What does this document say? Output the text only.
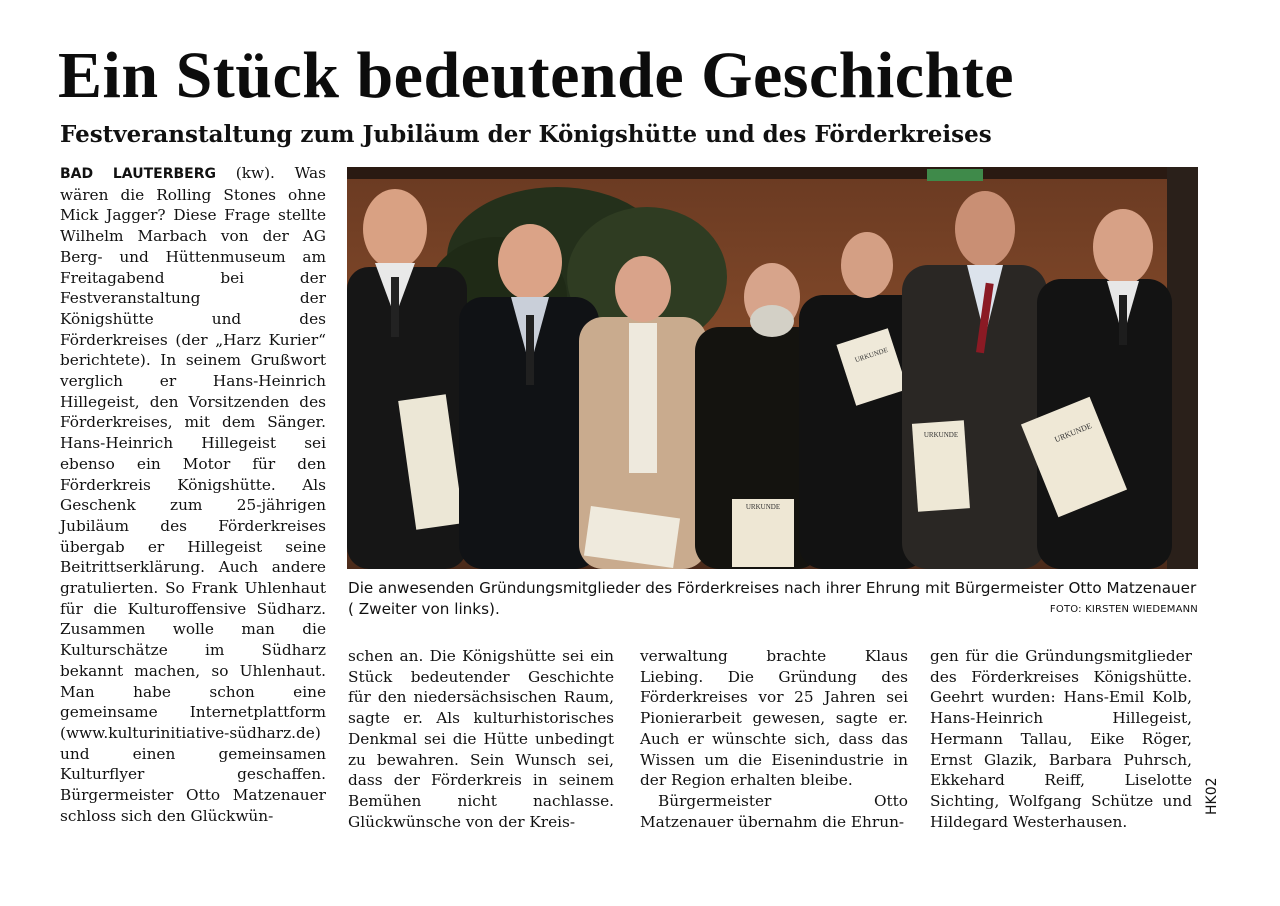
Ein Stück bedeutende Geschichte
Festveranstaltung zum Jubiläum der Königshütte und des Förderkreises

BAD LAUTERBERG (kw). Was wären die Rolling Stones ohne Mick Jagger? Diese Frage stellte Wilhelm Marbach von der AG Berg- und Hüttenmuseum am Freitagabend bei der Festveranstaltung der Königshütte und des Förderkreises (der „Harz Kurier“ berichtete). In seinem Grußwort verglich er Hans-Heinrich Hillegeist, den Vorsitzenden des Förderkreises, mit dem Sänger. Hans-Heinrich Hillegeist sei ebenso ein Motor für den Förderkreis Königshütte. Als Geschenk zum 25-jährigen Jubiläum des Förderkreises übergab er Hillegeist seine Beitrittserklärung. Auch andere gratulierten. So Frank Uhlenhaut für die Kulturoffensive Südharz. Zusammen wolle man die Kulturschätze im Südharz bekannt machen, so Uhlenhaut. Man habe schon eine gemeinsame Internetplattform (www.kulturinitiative-südharz.de) und einen gemeinsamen Kulturflyer geschaffen. Bürgermeister Otto Matzenauer schloss sich den Glückwün-

URKUNDE
URKUNDE
URKUNDE	URKUNDE
Die anwesenden Gründungsmitglieder des Förderkreises nach ihrer Ehrung mit Bürgermeister Otto Matzenauer ( Zweiter von links).	FOTO: KIRSTEN WIEDEMANN

schen an. Die Königshütte sei ein Stück bedeutender Geschichte für den niedersächsischen Raum, sagte er. Als kulturhistorisches Denkmal sei die Hütte unbedingt zu bewahren. Sein Wunsch sei, dass der Förderkreis in seinem Bemühen nicht nachlasse. Glückwünsche von der Kreis-

verwaltung brachte Klaus Liebing. Die Gründung des Förderkreises vor 25 Jahren sei Pionierarbeit gewesen, sagte er. Auch er wünschte sich, dass das Wissen um die Eisenindustrie in der Region erhalten bleibe.

Bürgermeister Otto Matzenauer übernahm die Ehrun-

gen für die Gründungsmitglieder des Förderkreises Königshütte. Geehrt wurden: Hans-Emil Kolb, Hans-Heinrich Hillegeist, Hermann Tallau, Eike Röger, Ernst Glazik, Barbara Puhrsch, Ekkehard Reiff, Liselotte Sichting, Wolfgang Schütze und Hildegard Westerhausen.

HK02
